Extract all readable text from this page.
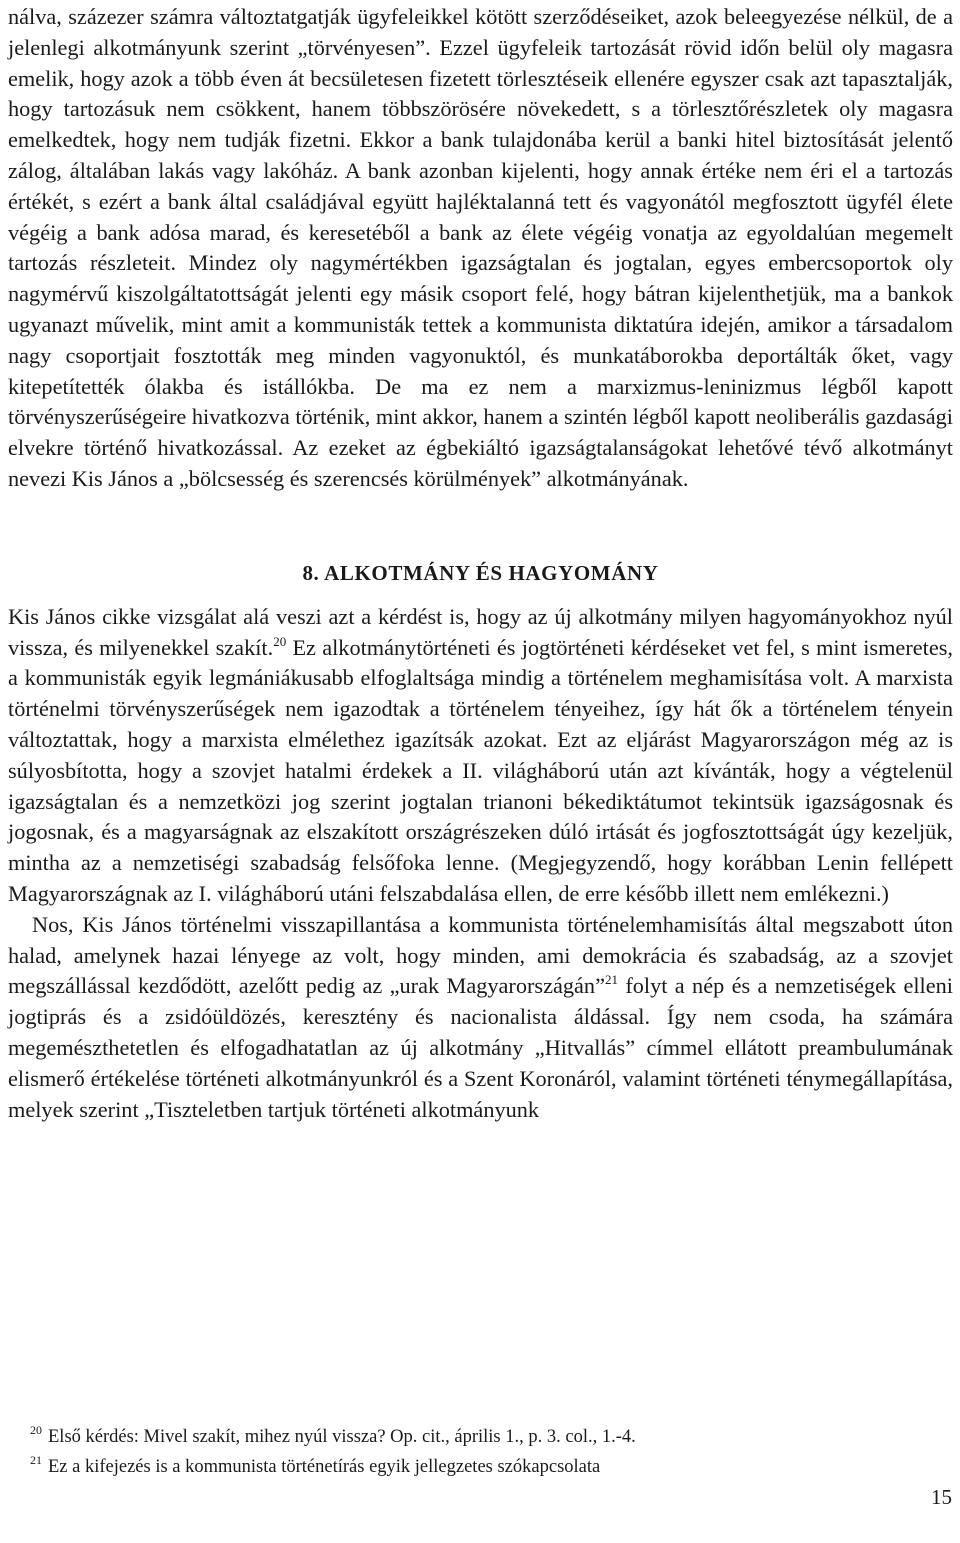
nálva, százezer számra változtatgatják ügyfeleikkel kötött szerződéseiket, azok beleegyezése nélkül, de a jelenlegi alkotmányunk szerint „törvényesen”. Ezzel ügyfeleik tartozását rövid időn belül oly magasra emelik, hogy azok a több éven át becsületesen fizetett törlesztéseik ellenére egyszer csak azt tapasztalják, hogy tartozásuk nem csökkent, hanem többszörösére növekedett, s a törlesztőrészletek oly magasra emelkedtek, hogy nem tudják fizetni. Ekkor a bank tulajdonába kerül a banki hitel biztosítását jelentő zálog, általában lakás vagy lakóház. A bank azonban kijelenti, hogy annak értéke nem éri el a tartozás értékét, s ezért a bank által családjával együtt hajléktalanná tett és vagyonától megfosztott ügyfél élete végéig a bank adósa marad, és keresetéből a bank az élete végéig vonatja az egyoldalúan megemelt tartozás részleteit. Mindez oly nagymértékben igazságtalan és jogtalan, egyes embercsoportok oly nagymérvű kiszolgáltatottságát jelenti egy másik csoport felé, hogy bátran kijelenthetjük, ma a bankok ugyanazt művelik, mint amit a kommunisták tettek a kommunista diktatúra idején, amikor a társadalom nagy csoportjait fosztották meg minden vagyonuktól, és munkatáborokba deportálták őket, vagy kitepetítették ólakba és istállókba. De ma ez nem a marxizmus-leninizmus légből kapott törvényszerűségeire hivatkozva történik, mint akkor, hanem a szintén légből kapott neoliberális gazdasági elvekre történő hivatkozással. Az ezeket az égbekiáltó igazságtalanságokat lehetővé tévő alkotmányt nevezi Kis János a „bölcsesség és szerencsés körülmények” alkotmányának.

8. ALKOTMÁNY ÉS HAGYOMÁNY

Kis János cikke vizsgálat alá veszi azt a kérdést is, hogy az új alkotmány milyen hagyományokhoz nyúl vissza, és milyenekkel szakít.$^{20}$ Ez alkotmánytörténeti és jogtörténeti kérdéseket vet fel, s mint ismeretes, a kommunisták egyik legmániákusabb elfoglaltsága mindig a történelem meghamisítása volt. A marxista történelmi törvényszerűségek nem igazodtak a történelem tényeihez, így hát ők a történelem tényein változtattak, hogy a marxista elmélethez igazítsák azokat. Ezt az eljárást Magyarországon még az is súlyosbította, hogy a szovjet hatalmi érdekek a II. világháború után azt kívánták, hogy a végtelenül igazságtalan és a nemzetközi jog szerint jogtalan trianoni békediktátumot tekintsük igazságosnak és jogosnak, és a magyarságnak az elszakított országrészeken dúló irtását és jogfosztottságát úgy kezeljük, mintha az a nemzetiségi szabadság felsőfoka lenne. (Megjegyzendő, hogy korábban Lenin fellépett Magyarországnak az I. világháború utáni felszabdalása ellen, de erre később illett nem emlékezni.)

Nos, Kis János történelmi visszapillantása a kommunista történelemhamisítás által megszabott úton halad, amelynek hazai lényege az volt, hogy minden, ami demokrácia és szabadság, az a szovjet megszállással kezdődött, azelőtt pedig az „urak Magyarországán”$^{21}$ folyt a nép és a nemzetiségek elleni jogtiprás és a zsidóüldözés, keresztény és nacionalista áldással. Így nem csoda, ha számára megemészthetetlen és elfogadhatatlan az új alkotmány „Hitvallás” címmel ellátott preambulumának elismerő értékelése történeti alkotmányunkról és a Szent Koronáról, valamint történeti ténymegállapítása, melyek szerint „Tiszteletben tartjuk történeti alkotmányunk

$^{20}$ Első kérdés: Mivel szakít, mihez nyúl vissza? Op. cit., április 1., p. 3. col., 1.-4.

$^{21}$ Ez a kifejezés is a kommunista történetírás egyik jellegzetes szókapcsolata

15
